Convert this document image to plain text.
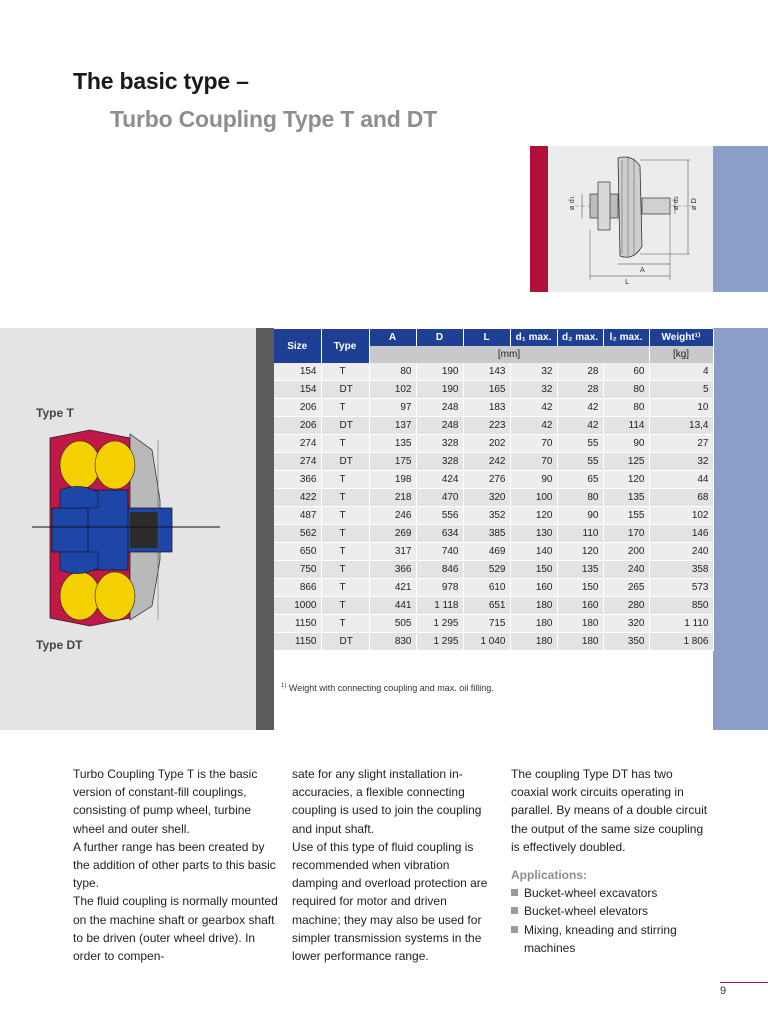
The basic type –
Turbo Coupling Type T and DT
ø d₁	ø d₂ ø D
A
L
Type T
Type DT
Size	Type	A	D	L	d₁ max.	d₂ max.	l₂ max.	Weight¹⁾
		[mm]						[kg]
154	T	80	190	143	32	28	60	4
154	DT	102	190	165	32	28	80	5
206	T	97	248	183	42	42	80	10
206	DT	137	248	223	42	42	114	13,4
274	T	135	328	202	70	55	90	27
274	DT	175	328	242	70	55	125	32
366	T	198	424	276	90	65	120	44
422	T	218	470	320	100	80	135	68
487	T	246	556	352	120	90	155	102
562	T	269	634	385	130	110	170	146
650	T	317	740	469	140	120	200	240
750	T	366	846	529	150	135	240	358
866	T	421	978	610	160	150	265	573
1000	T	441	1 118	651	180	160	280	850
1150	T	505	1 295	715	180	180	320	1 110
1150	DT	830	1 295	1 040	180	180	350	1 806
$^{1)}$ Weight with connecting coupling and max. oil filling.
Turbo Coupling Type T is the basic version of constant-fill couplings, consisting of pump wheel, turbine wheel and outer shell.
A further range has been created by the addition of other parts to this basic type.
The fluid coupling is normally mounted on the machine shaft or gearbox shaft to be driven (outer wheel drive). In order to compen-
sate for any slight installation in-accuracies, a flexible connecting coupling is used to join the coupling and input shaft.
Use of this type of fluid coupling is recommended when vibration damping and overload protection are required for motor and driven machine; they may also be used for simpler transmission systems in the lower performance range.
The coupling Type DT has two coaxial work circuits operating in parallel. By means of a double circuit the output of the same size coupling is effectively doubled.
Applications:
Bucket-wheel excavators
Bucket-wheel elevators
Mixing, kneading and stirring machines
9
